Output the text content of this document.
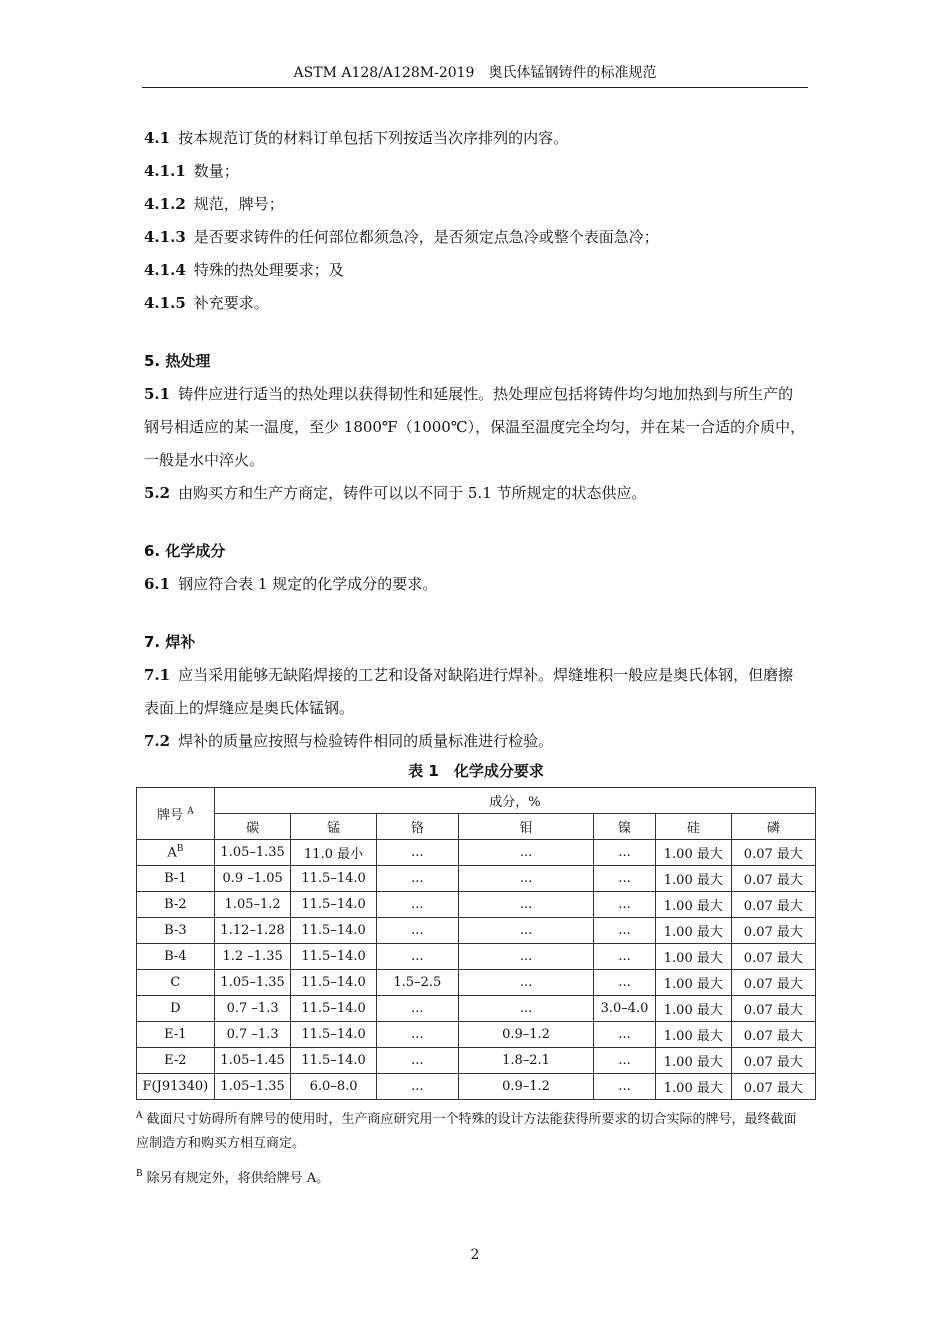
ASTM A128/A128M-2019　奥氏体锰钢铸件的标准规范

4.1 按本规范订货的材料订单包括下列按适当次序排列的内容。

4.1.1 数量；

4.1.2 规范，牌号；

4.1.3 是否要求铸件的任何部位都须急冷，是否须定点急冷或整个表面急冷；

4.1.4 特殊的热处理要求；及

4.1.5 补充要求。

5. 热处理

5.1 铸件应进行适当的热处理以获得韧性和延展性。热处理应包括将铸件均匀地加热到与所生产的钢号相适应的某一温度，至少 1800℉（1000℃），保温至温度完全均匀，并在某一合适的介质中，一般是水中淬火。

5.2 由购买方和生产方商定，铸件可以以不同于 5.1 节所规定的状态供应。

6. 化学成分

6.1 钢应符合表 1 规定的化学成分的要求。

7. 焊补

7.1 应当采用能够无缺陷焊接的工艺和设备对缺陷进行焊补。焊缝堆积一般应是奥氏体钢，但磨擦表面上的焊缝应是奥氏体锰钢。

7.2 焊补的质量应按照与检验铸件相同的质量标准进行检验。

表 1　化学成分要求
牌号 $^A$	成分，%						
	碳	锰	铬	钼	镍	硅	磷
$A^B$	1.05–1.35	11.0 最小	...	...	...	1.00 最大	0.07 最大
B-1	0.9 –1.05	11.5–14.0	...	...	...	1.00 最大	0.07 最大
B-2	1.05–1.2	11.5–14.0	...	...	...	1.00 最大	0.07 最大
B-3	1.12–1.28	11.5–14.0	...	...	...	1.00 最大	0.07 最大
B-4	1.2 –1.35	11.5–14.0	...	...	...	1.00 最大	0.07 最大
C	1.05–1.35	11.5–14.0	1.5–2.5	...	...	1.00 最大	0.07 最大
D	0.7 –1.3	11.5–14.0	...	...	3.0–4.0	1.00 最大	0.07 最大
E-1	0.7 –1.3	11.5–14.0	...	0.9–1.2	...	1.00 最大	0.07 最大
E-2	1.05–1.45	11.5–14.0	...	1.8–2.1	...	1.00 最大	0.07 最大
F(J91340)	1.05–1.35	6.0–8.0	...	0.9–1.2	...	1.00 最大	0.07 最大
$^A$ 截面尺寸妨碍所有牌号的使用时，生产商应研究用一个特殊的设计方法能获得所要求的切合实际的牌号，最终截面应制造方和购买方相互商定。
$^B$ 除另有规定外，将供给牌号 A。
2
